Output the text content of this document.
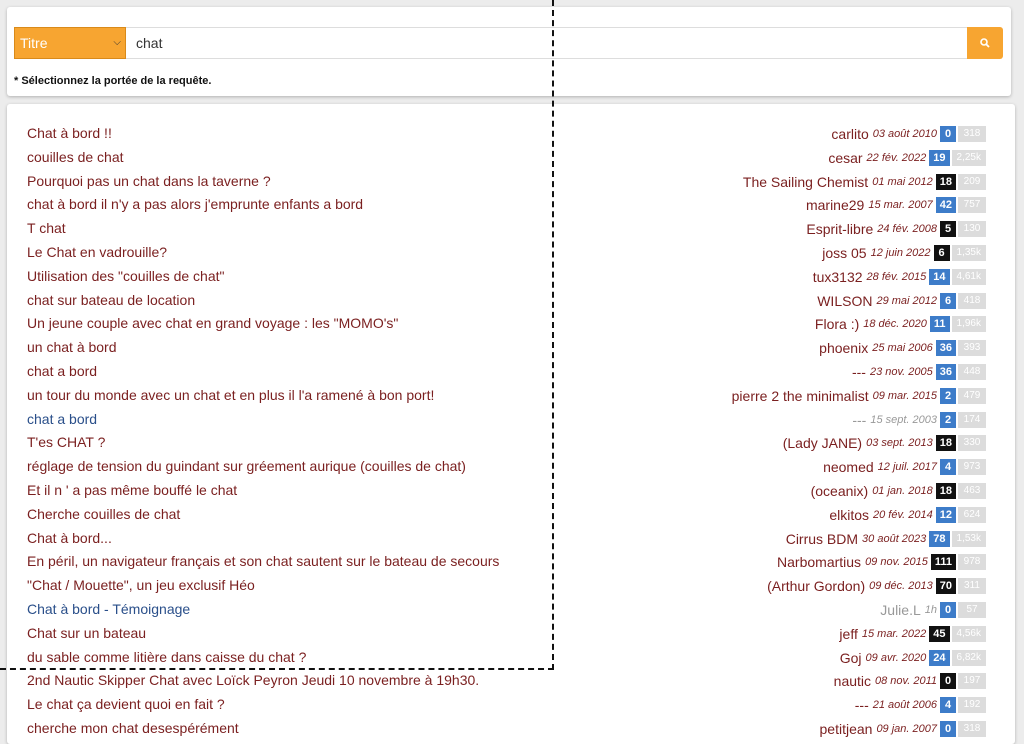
Titre	⌵	chat
* Sélectionnez la portée de la requête.
Chat à bord !!	carlito 03 août 2010 0	318
couilles de chat	cesar 22 fév. 2022 19	2,25k
Pourquoi pas un chat dans la taverne ?	The Sailing Chemist 01 mai 2012 18	209
chat à bord il n'y a pas alors j'emprunte enfants a bord	marine29 15 mar. 2007 42	757
T chat	Esprit-libre 24 fév. 2008 5	130
Le Chat en vadrouille?	joss 05 12 juin 2022 6	1,35k
Utilisation des "couilles de chat"	tux3132 28 fév. 2015 14	4,61k
chat sur bateau de location	WILSON 29 mai 2012 6	418
Un jeune couple avec chat en grand voyage : les "MOMO's"	Flora :) 18 déc. 2020 11	1,96k
un chat à bord	phoenix 25 mai 2006 36	393
chat a bord	--- 23 nov. 2005 36	448
un tour du monde avec un chat et en plus il l'a ramené à bon port!	pierre 2 the minimalist 09 mar. 2015 2	479
chat a bord	--- 15 sept. 2003 2	174
T'es CHAT ?	(Lady JANE) 03 sept. 2013 18	330
réglage de tension du guindant sur gréement aurique (couilles de chat)	neomed 12 juil. 2017 4	973
Et il n ' a pas même bouffé le chat	(oceanix) 01 jan. 2018 18	463
Cherche couilles de chat	elkitos 20 fév. 2014 12	624
Chat à bord...	Cirrus BDM 30 août 2023 78	1,53k
En péril, un navigateur français et son chat sautent sur le bateau de secours	Narbomartius 09 nov. 2015 111	978
"Chat / Mouette", un jeu exclusif Héo	(Arthur Gordon) 09 déc. 2013 70	311
Chat à bord - Témoignage	Julie.L 1h 0	57
Chat sur un bateau	jeff 15 mar. 2022 45	4,56k
du sable comme litière dans caisse du chat ?	Goj 09 avr. 2020 24	6,82k
2nd Nautic Skipper Chat avec Loïck Peyron Jeudi 10 novembre à 19h30.	nautic 08 nov. 2011 0	197
Le chat ça devient quoi en fait ?	--- 21 août 2006 4	192
cherche mon chat desespérément	petitjean 09 jan. 2007 0	318
